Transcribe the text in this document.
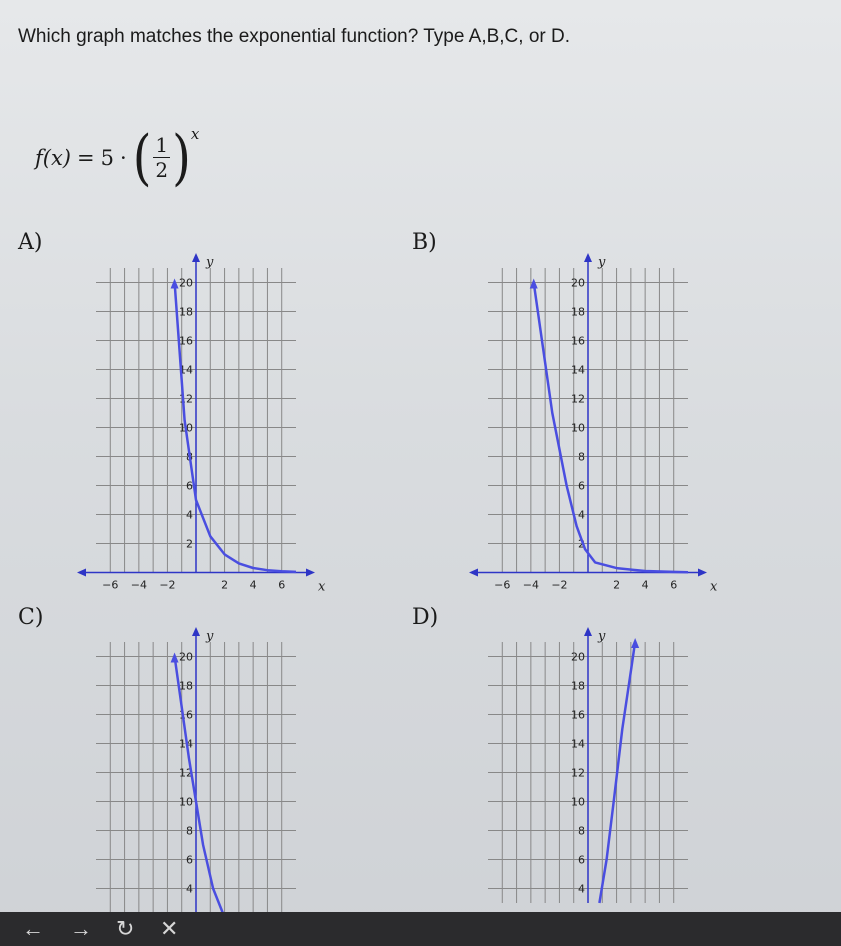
Which graph matches the exponential function? Type A,B,C, or D.
f(x) = 5 · ( $\frac{1}{2} )^x$
A)	B)
C)	D)
y
2
4
6
8
10
12
14
16
18
20
−6 −4 −2	2 4 6	x
y
2
4
6
8
10
12
14
16
18
20
−6 −4 −2	2 4 6	x
y
4
6
8
10
12
14
16
18
20
y
4
6
8
10
12
14
16
18
20
← → ↻ ✕
